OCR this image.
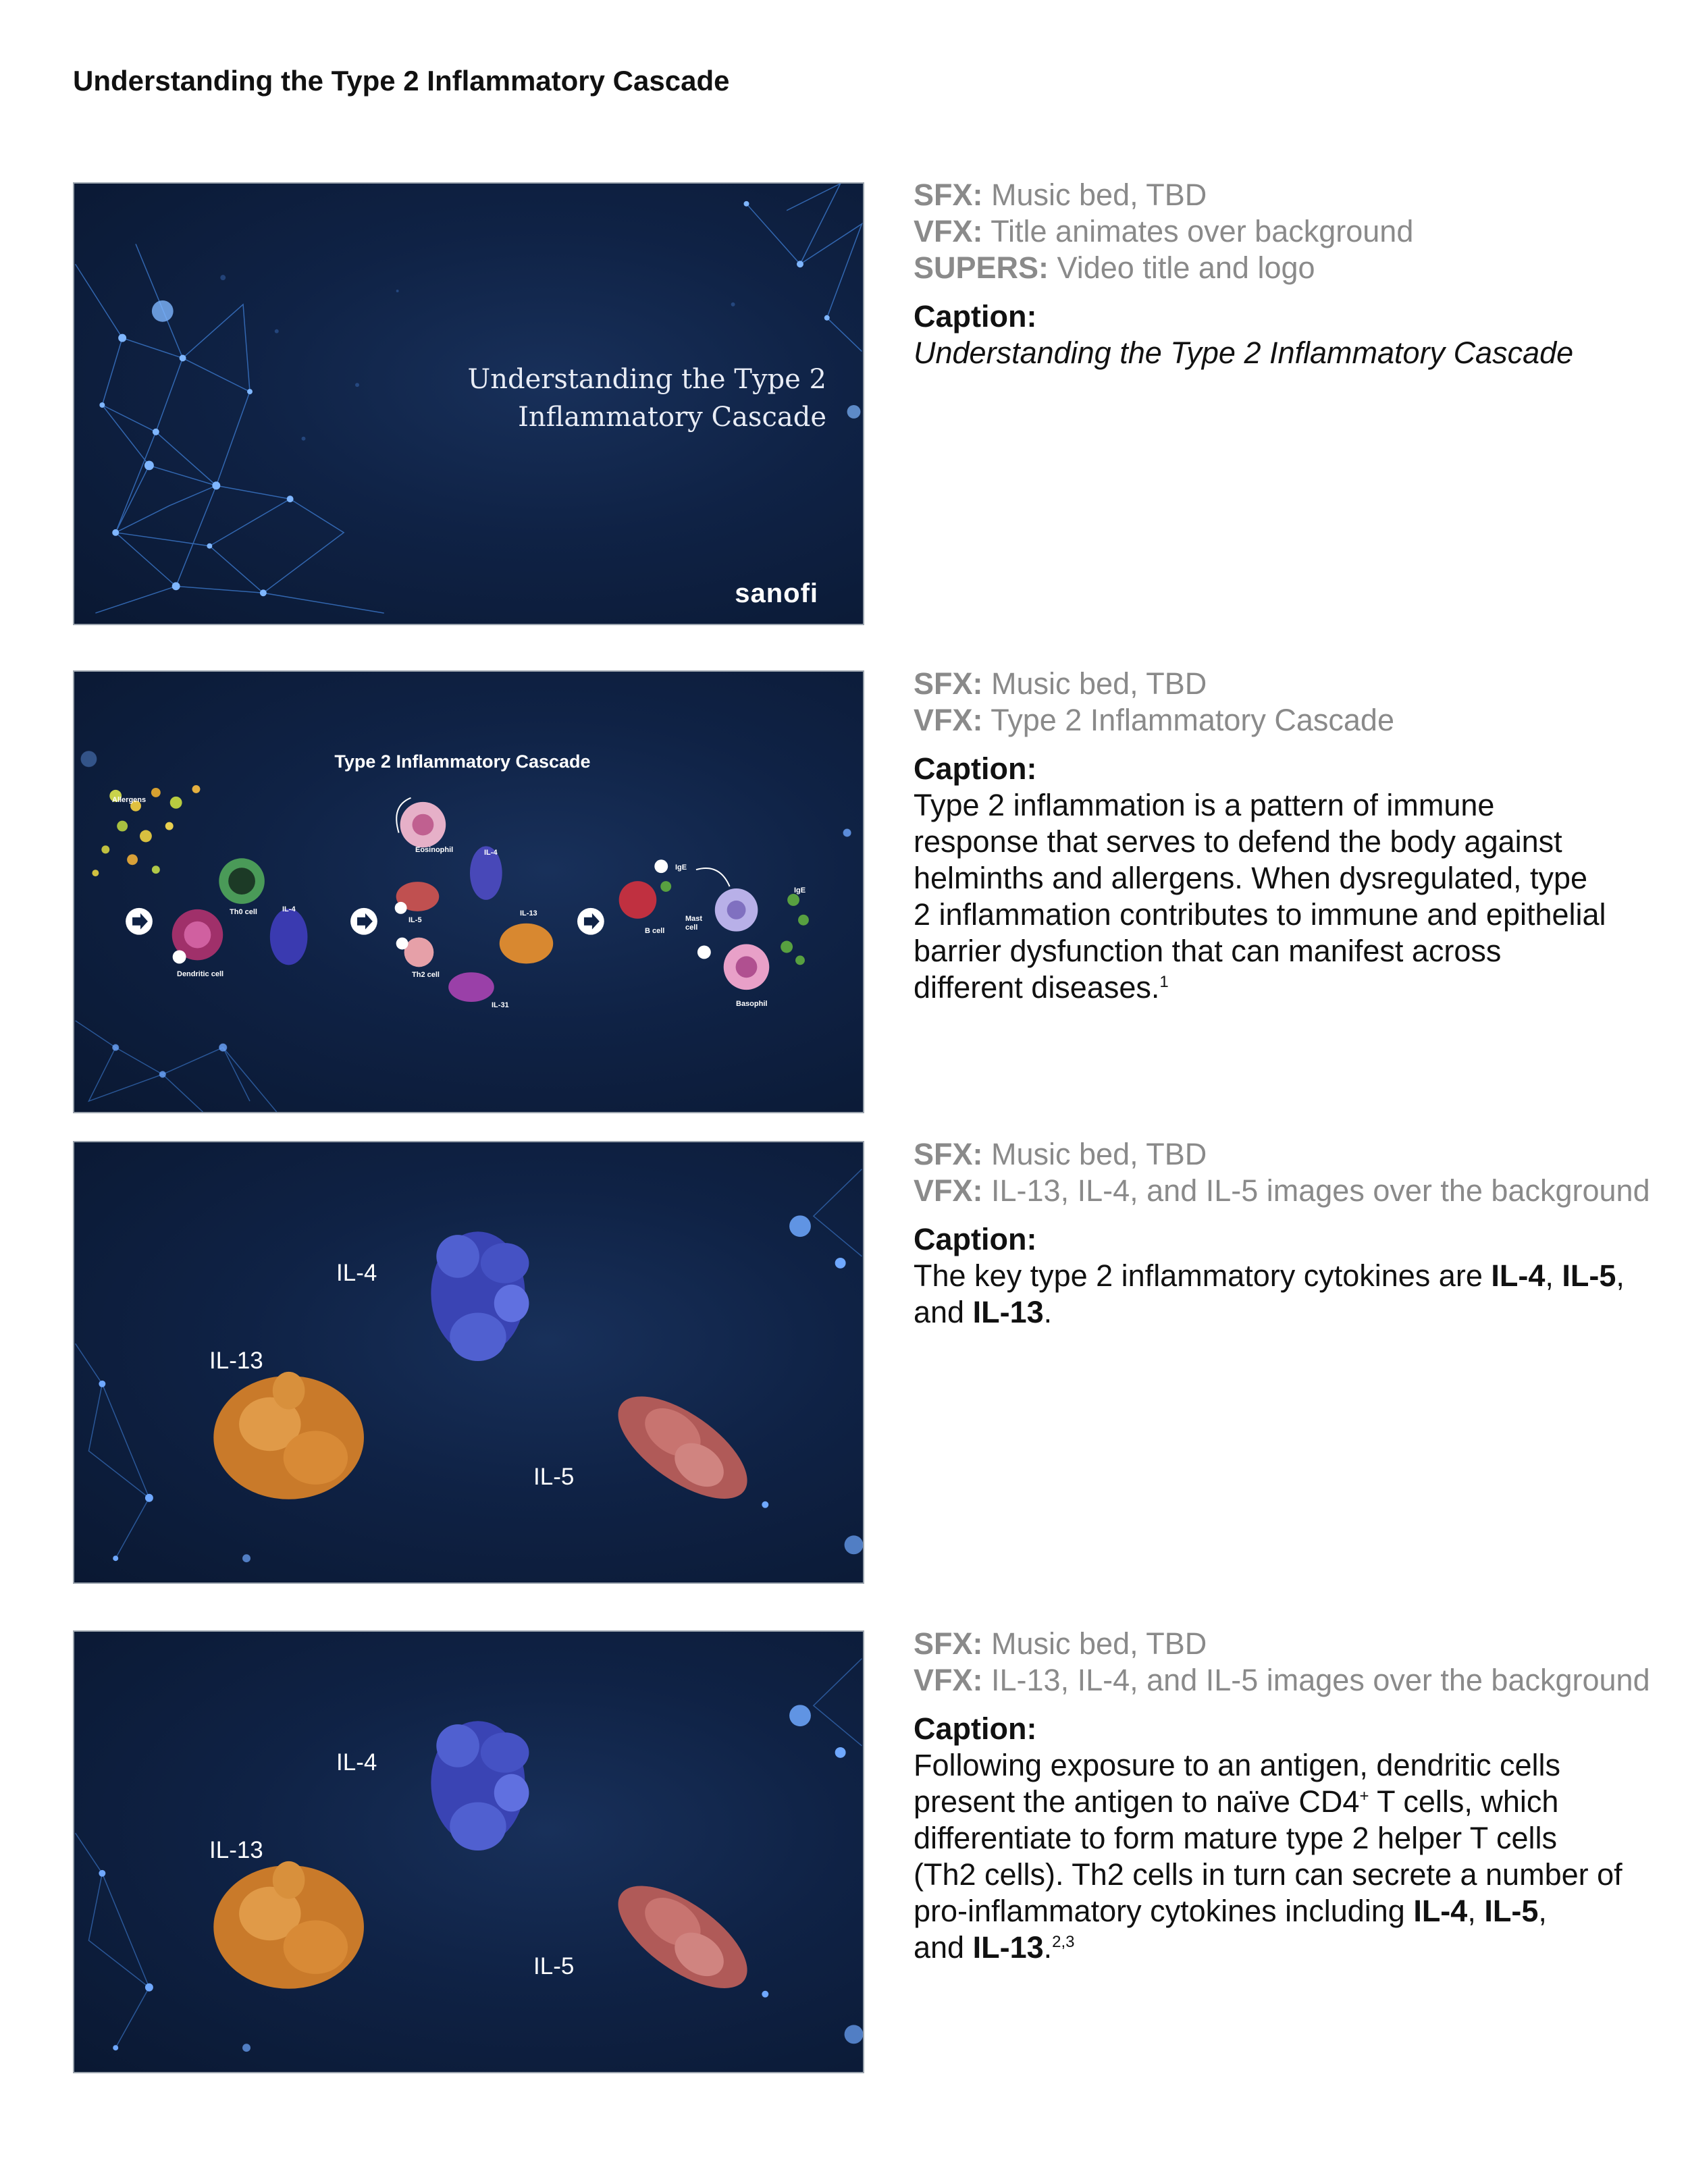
Understanding the Type 2 Inflammatory Cascade
Understanding the Type 2
Inflammatory Cascade
sanofi
SFX: Music bed, TBD
VFX: Title animates over background
SUPERS: Video title and logo
Caption:
Understanding the Type 2 Inflammatory Cascade
Type 2 Inflammatory Cascade
Allergens
Th0 cell	IL-4
Dendritic cell
Eosinophil	IL-4
IL-5
IL-13
Th2 cell
IL-31
IgE
B cell
Mast
cell
IgE
Basophil
SFX: Music bed, TBD
VFX: Type 2 Inflammatory Cascade
Caption:
Type 2 inflammation is a pattern of immune
response that serves to defend the body against
helminths and allergens. When dysregulated, type
2 inflammation contributes to immune and epithelial
barrier dysfunction that can manifest across
different diseases.$^1$
IL-4
IL-13
IL-5
SFX: Music bed, TBD
VFX: IL-13, IL-4, and IL-5 images over the background
Caption:
The key type 2 inflammatory cytokines are IL-4, IL-5,
and IL-13.
IL-4
IL-13
IL-5
SFX: Music bed, TBD
VFX: IL-13, IL-4, and IL-5 images over the background
Caption:
Following exposure to an antigen, dendritic cells
present the antigen to naïve CD4+ T cells, which
differentiate to form mature type 2 helper T cells
(Th2 cells). Th2 cells in turn can secrete a number of
pro-inflammatory cytokines including IL-4, IL-5,
and IL-13.$^{2,3}$
